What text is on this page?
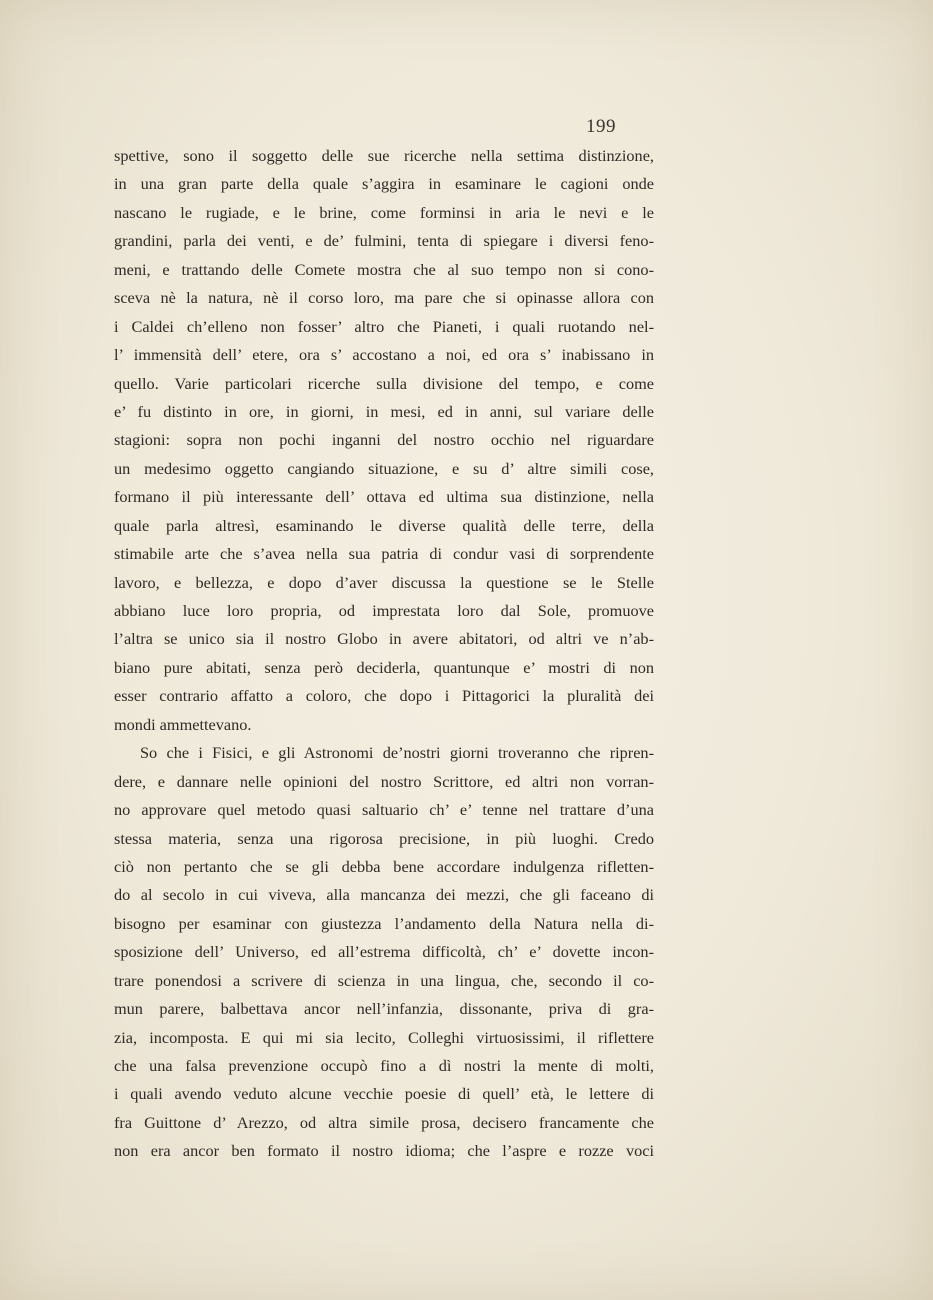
199
spettive, sono il soggetto delle sue ricerche nella settima distinzione,
in una gran parte della quale s’aggira in esaminare le cagioni onde
nascano le rugiade, e le brine, come forminsi in aria le nevi e le
grandini, parla dei venti, e de’ fulmini, tenta di spiegare i diversi feno-
meni, e trattando delle Comete mostra che al suo tempo non si cono-
sceva nè la natura, nè il corso loro, ma pare che si opinasse allora con
i Caldei ch’elleno non fosser’ altro che Pianeti, i quali ruotando nel-
l’ immensità dell’ etere, ora s’ accostano a noi, ed ora s’ inabissano in
quello. Varie particolari ricerche sulla divisione del tempo, e come
e’ fu distinto in ore, in giorni, in mesi, ed in anni, sul variare delle
stagioni: sopra non pochi inganni del nostro occhio nel riguardare
un medesimo oggetto cangiando situazione, e su d’ altre simili cose,
formano il più interessante dell’ ottava ed ultima sua distinzione, nella
quale parla altresì, esaminando le diverse qualità delle terre, della
stimabile arte che s’avea nella sua patria di condur vasi di sorprendente
lavoro, e bellezza, e dopo d’aver discussa la questione se le Stelle
abbiano luce loro propria, od imprestata loro dal Sole, promuove
l’altra se unico sia il nostro Globo in avere abitatori, od altri ve n’ab-
biano pure abitati, senza però deciderla, quantunque e’ mostri di non
esser contrario affatto a coloro, che dopo i Pittagorici la pluralità dei
mondi ammettevano.
So che i Fisici, e gli Astronomi de’nostri giorni troveranno che ripren-
dere, e dannare nelle opinioni del nostro Scrittore, ed altri non vorran-
no approvare quel metodo quasi saltuario ch’ e’ tenne nel trattare d’una
stessa materia, senza una rigorosa precisione, in più luoghi. Credo
ciò non pertanto che se gli debba bene accordare indulgenza rifletten-
do al secolo in cui viveva, alla mancanza dei mezzi, che gli faceano di
bisogno per esaminar con giustezza l’andamento della Natura nella di-
sposizione dell’ Universo, ed all’estrema difficoltà, ch’ e’ dovette incon-
trare ponendosi a scrivere di scienza in una lingua, che, secondo il co-
mun parere, balbettava ancor nell’infanzia, dissonante, priva di gra-
zia, incomposta. E qui mi sia lecito, Colleghi virtuosissimi, il riflettere
che una falsa prevenzione occupò fino a dì nostri la mente di molti,
i quali avendo veduto alcune vecchie poesie di quell’ età, le lettere di
fra Guittone d’ Arezzo, od altra simile prosa, decisero francamente che
non era ancor ben formato il nostro idioma; che l’aspre e rozze voci
